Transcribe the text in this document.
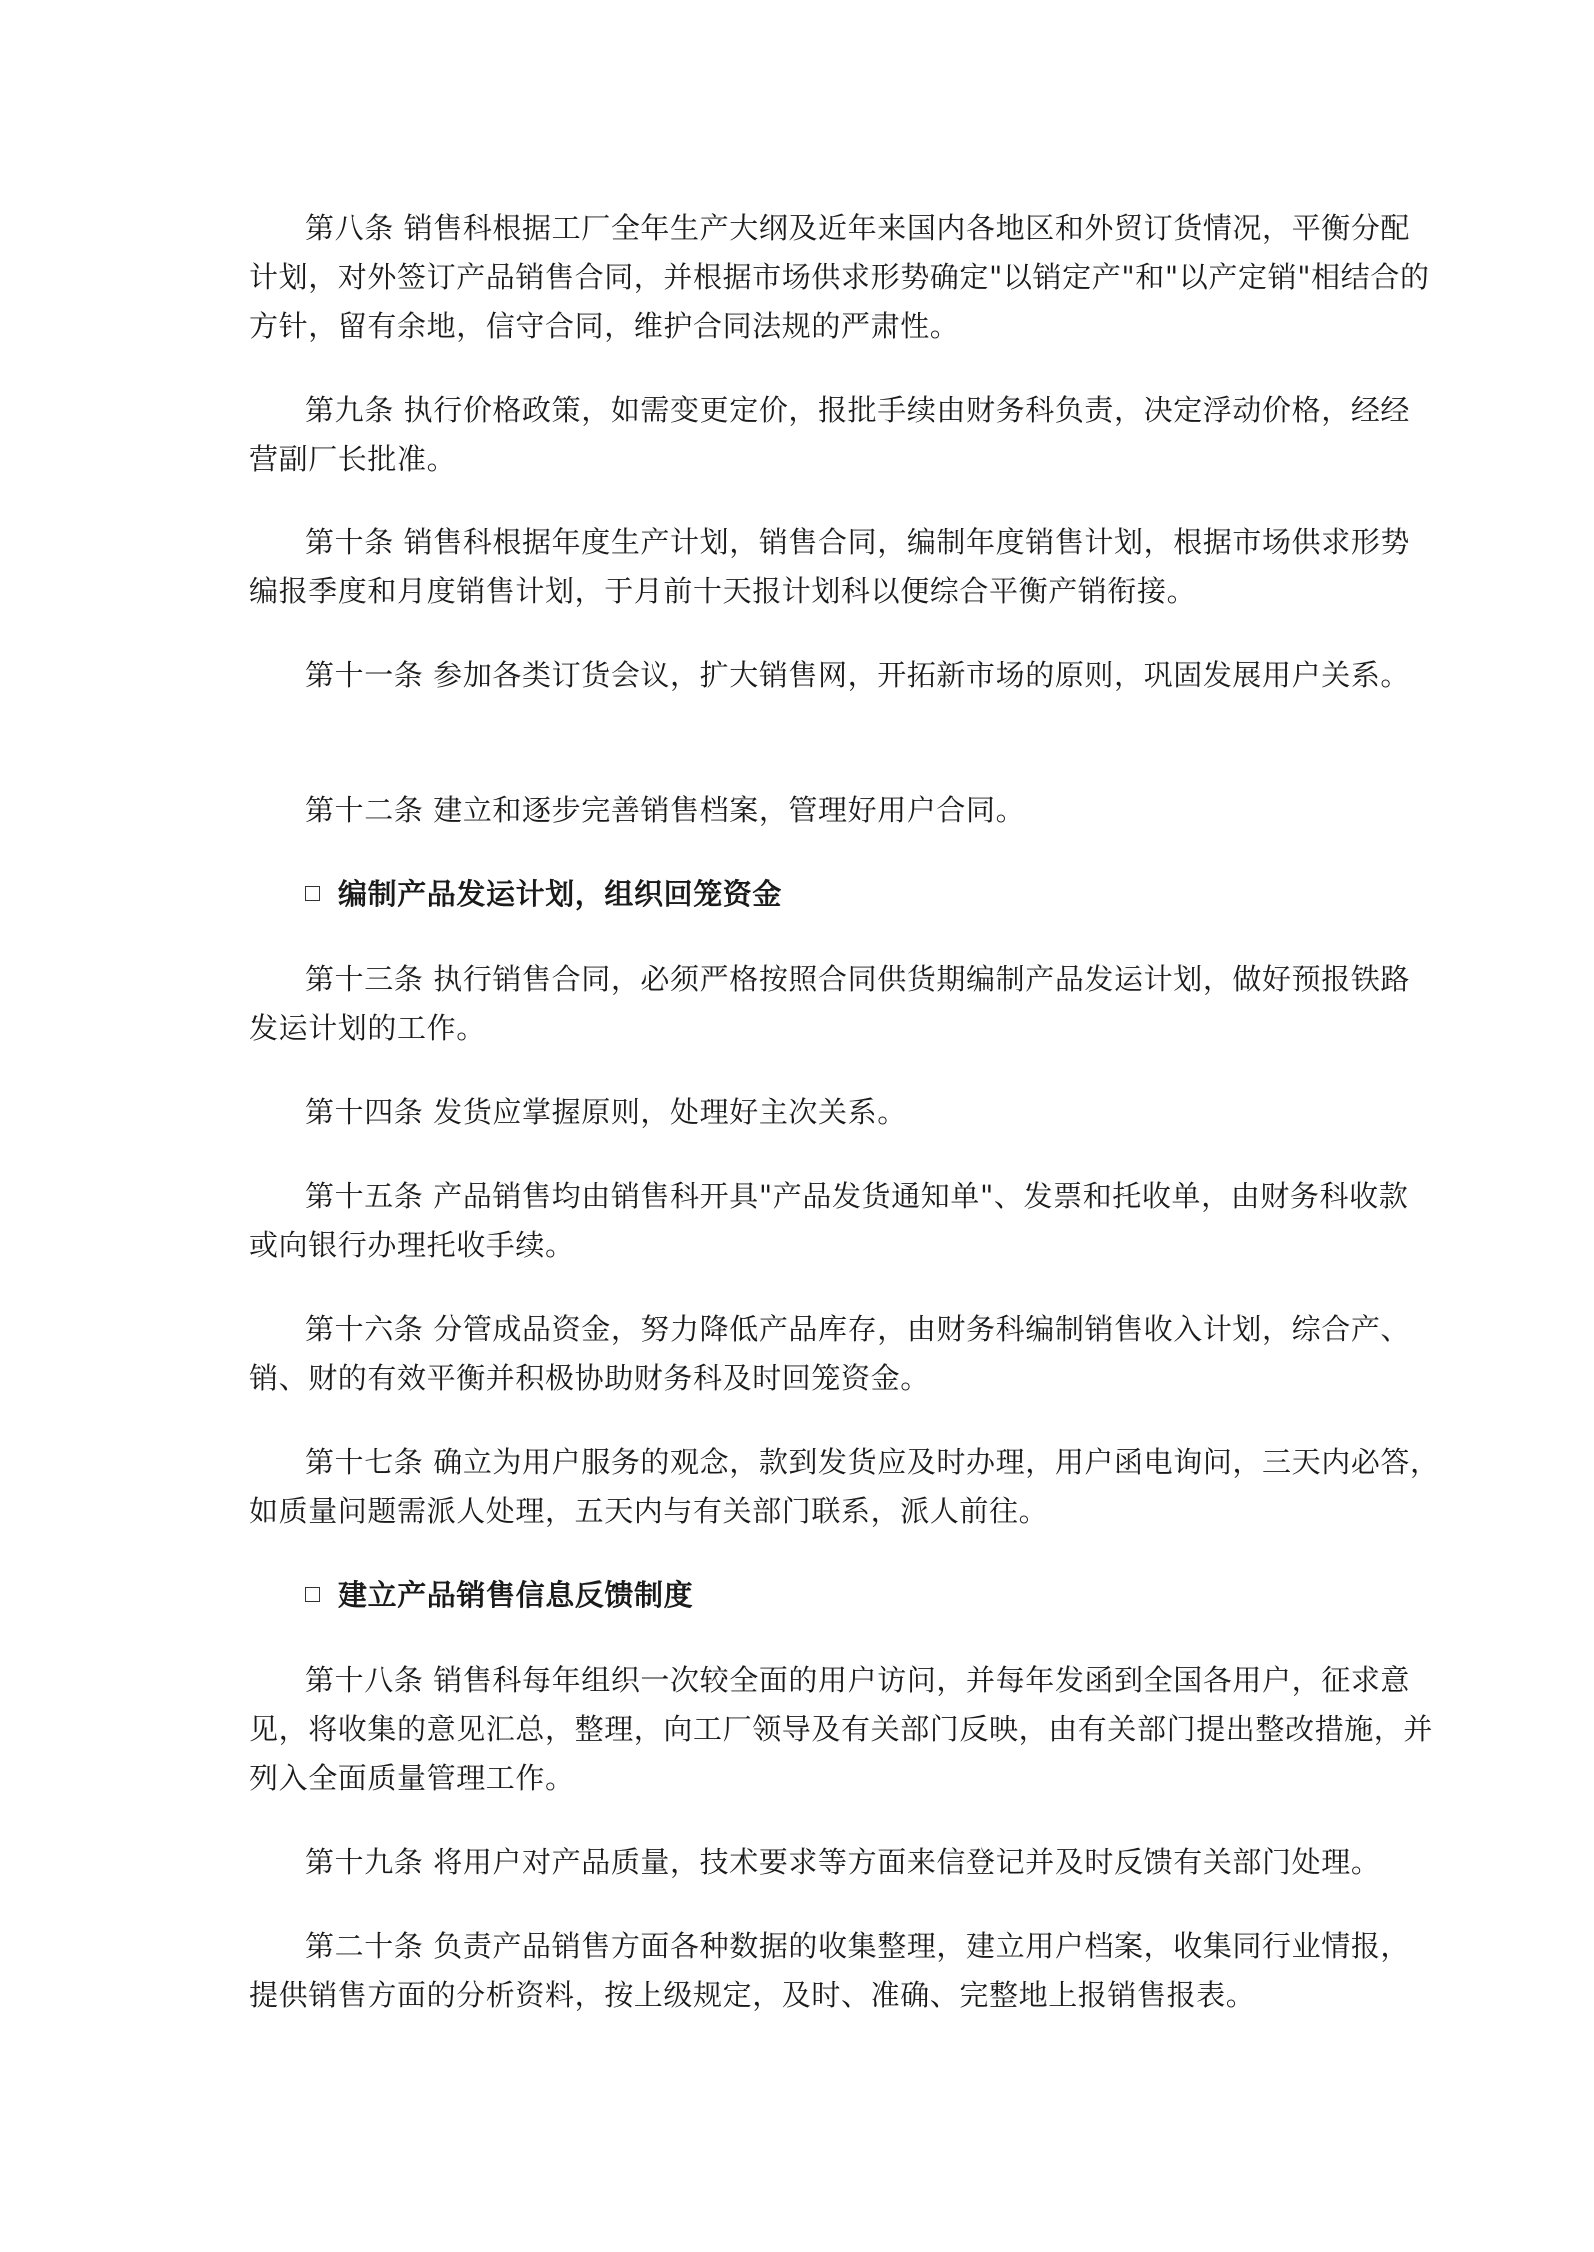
第八条 销售科根据工厂全年生产大纲及近年来国内各地区和外贸订货情况，平衡分配
计划，对外签订产品销售合同，并根据市场供求形势确定"以销定产"和"以产定销"相结合的
方针，留有余地，信守合同，维护合同法规的严肃性。
第九条 执行价格政策，如需变更定价，报批手续由财务科负责，决定浮动价格，经经
营副厂长批准。
第十条 销售科根据年度生产计划，销售合同，编制年度销售计划，根据市场供求形势
编报季度和月度销售计划，于月前十天报计划科以便综合平衡产销衔接。
第十一条 参加各类订货会议，扩大销售网，开拓新市场的原则，巩固发展用户关系。
第十二条 建立和逐步完善销售档案，管理好用户合同。
编制产品发运计划，组织回笼资金
第十三条 执行销售合同，必须严格按照合同供货期编制产品发运计划，做好预报铁路
发运计划的工作。
第十四条 发货应掌握原则，处理好主次关系。
第十五条 产品销售均由销售科开具"产品发货通知单"、发票和托收单，由财务科收款
或向银行办理托收手续。
第十六条 分管成品资金，努力降低产品库存，由财务科编制销售收入计划，综合产、
销、财的有效平衡并积极协助财务科及时回笼资金。
第十七条 确立为用户服务的观念，款到发货应及时办理，用户函电询问，三天内必答，
如质量问题需派人处理，五天内与有关部门联系，派人前往。
建立产品销售信息反馈制度
第十八条 销售科每年组织一次较全面的用户访问，并每年发函到全国各用户，征求意
见，将收集的意见汇总，整理，向工厂领导及有关部门反映，由有关部门提出整改措施，并
列入全面质量管理工作。
第十九条 将用户对产品质量，技术要求等方面来信登记并及时反馈有关部门处理。
第二十条 负责产品销售方面各种数据的收集整理，建立用户档案，收集同行业情报，
提供销售方面的分析资料，按上级规定，及时、准确、完整地上报销售报表。
